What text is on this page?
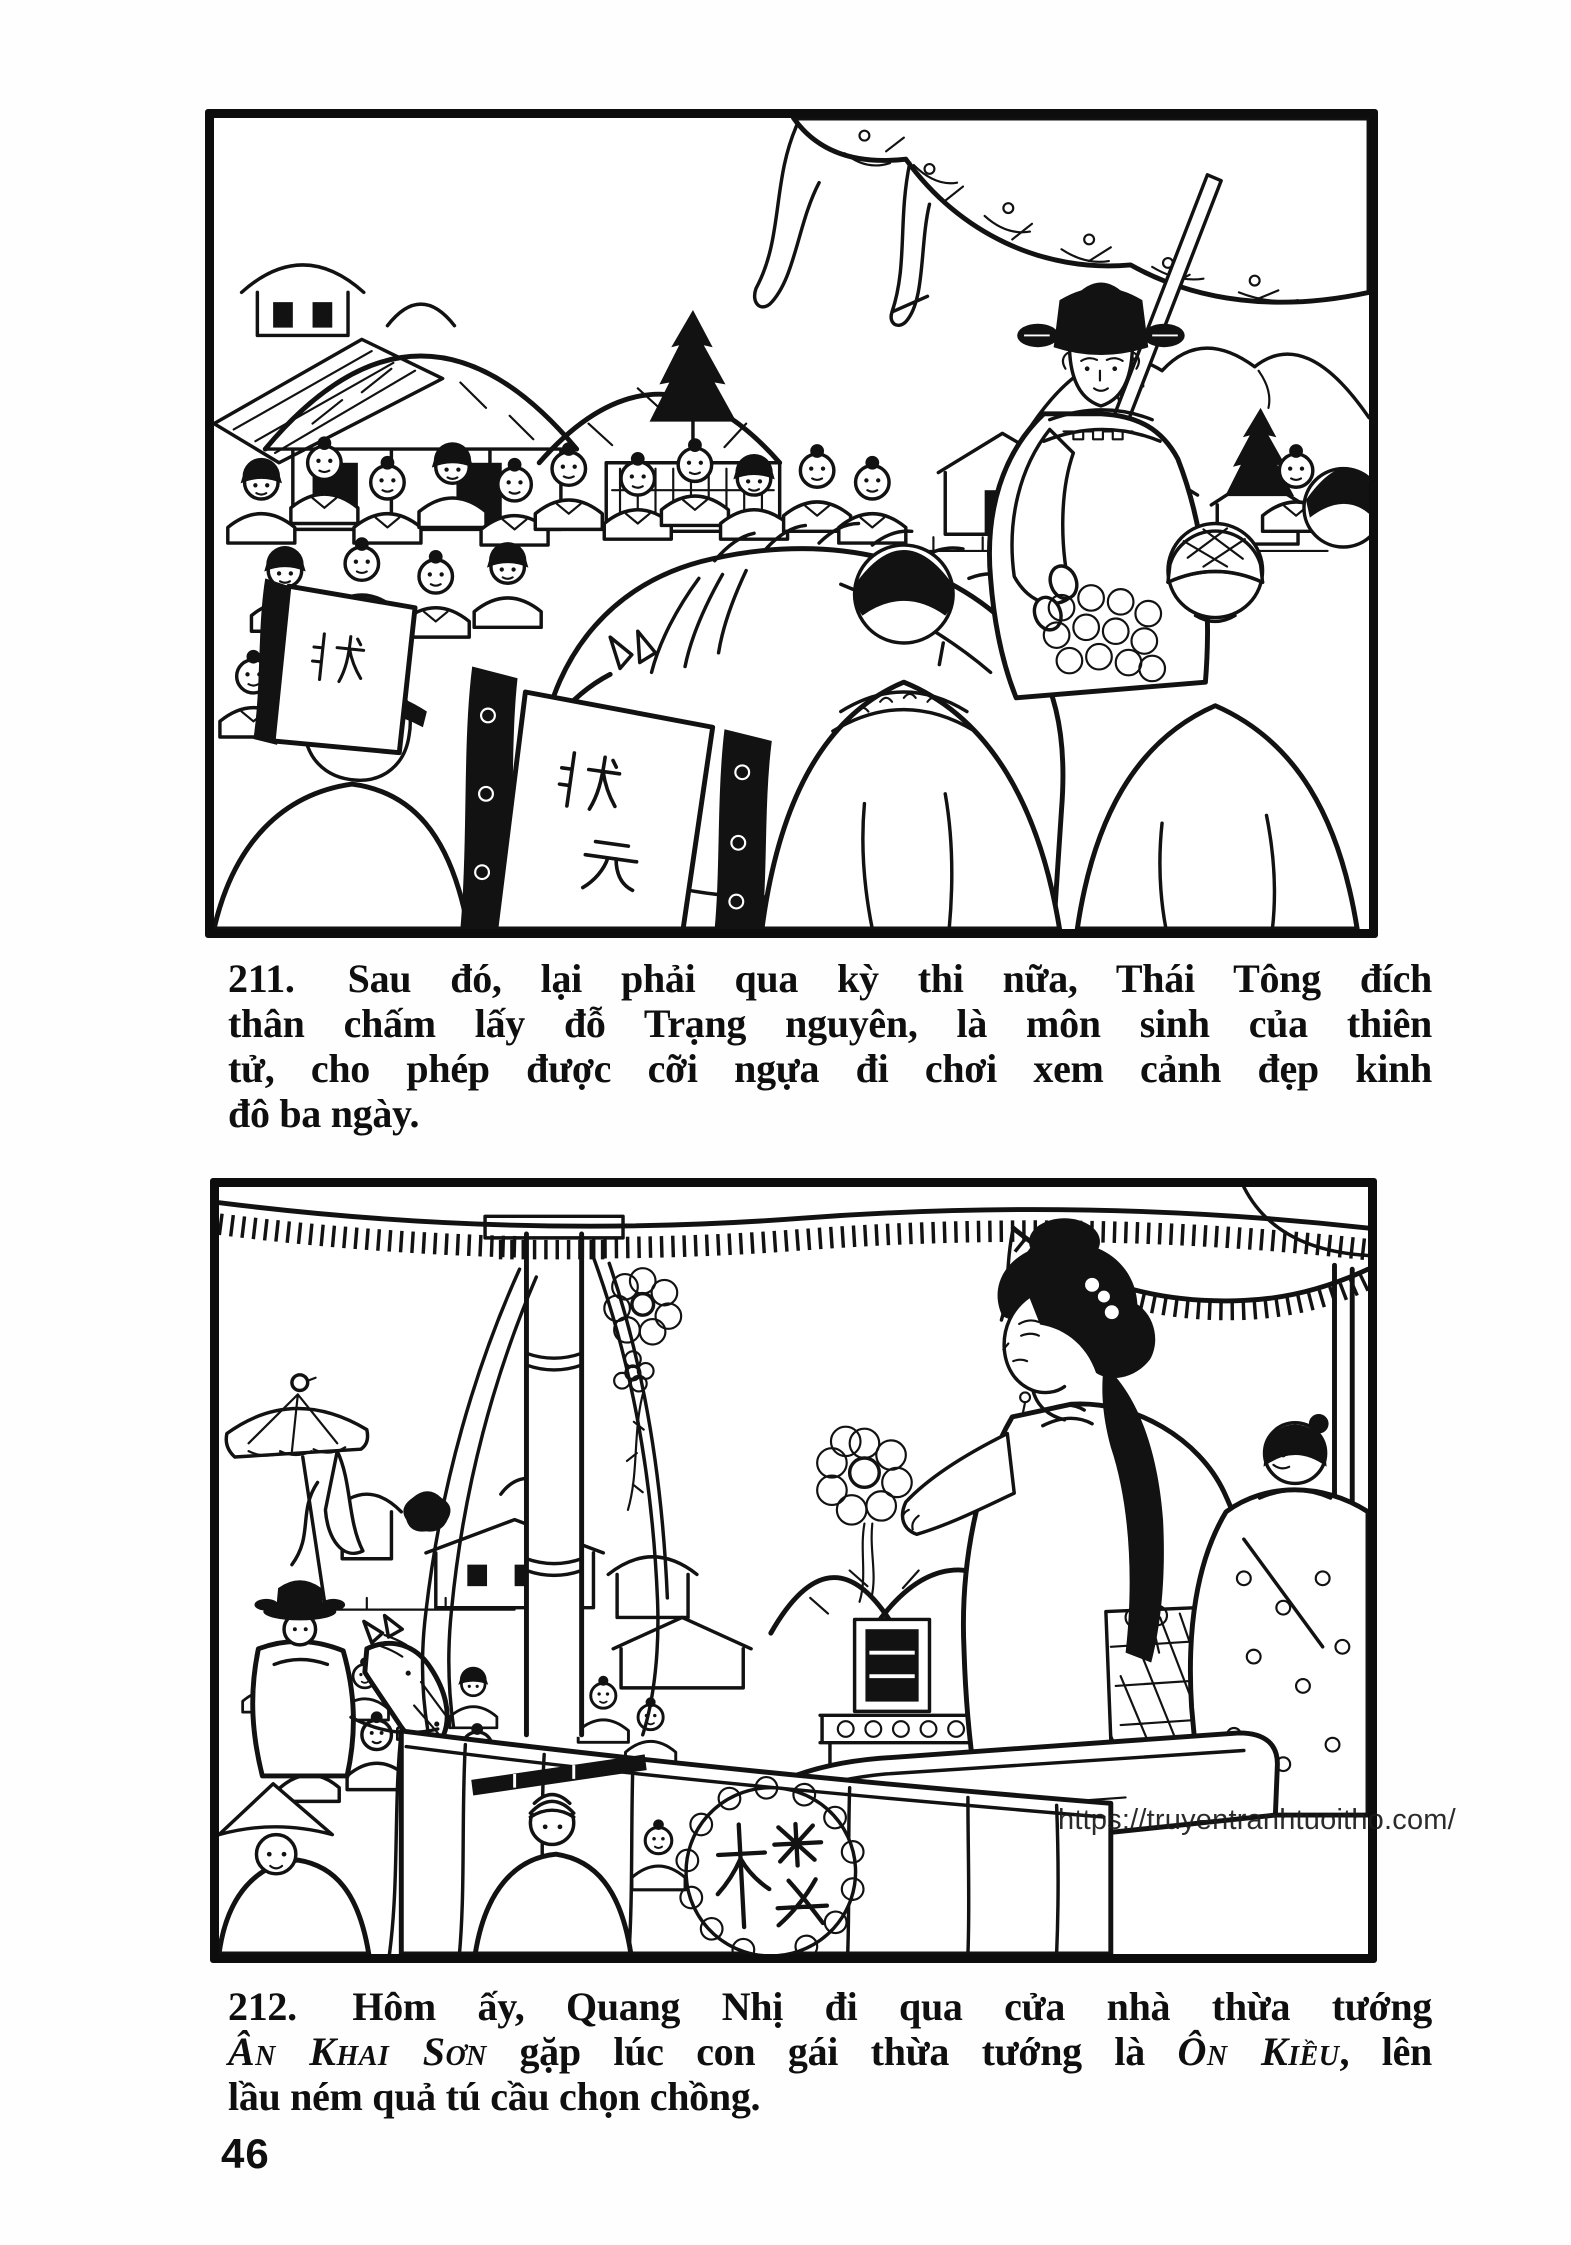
211. Sau đó, lại phải qua kỳ thi nữa, Thái Tông đích
thân chấm lấy đỗ Trạng nguyên, là môn sinh của thiên
tử, cho phép được cỡi ngựa đi chơi xem cảnh đẹp kinh
đô ba ngày.
https://truyentranhtuoitho.com/
212. Hôm ấy, Quang Nhị đi qua cửa nhà thừa tướng
Ân Khai Sơn gặp lúc con gái thừa tướng là Ôn Kiều, lên
lầu ném quả tú cầu chọn chồng.
46
